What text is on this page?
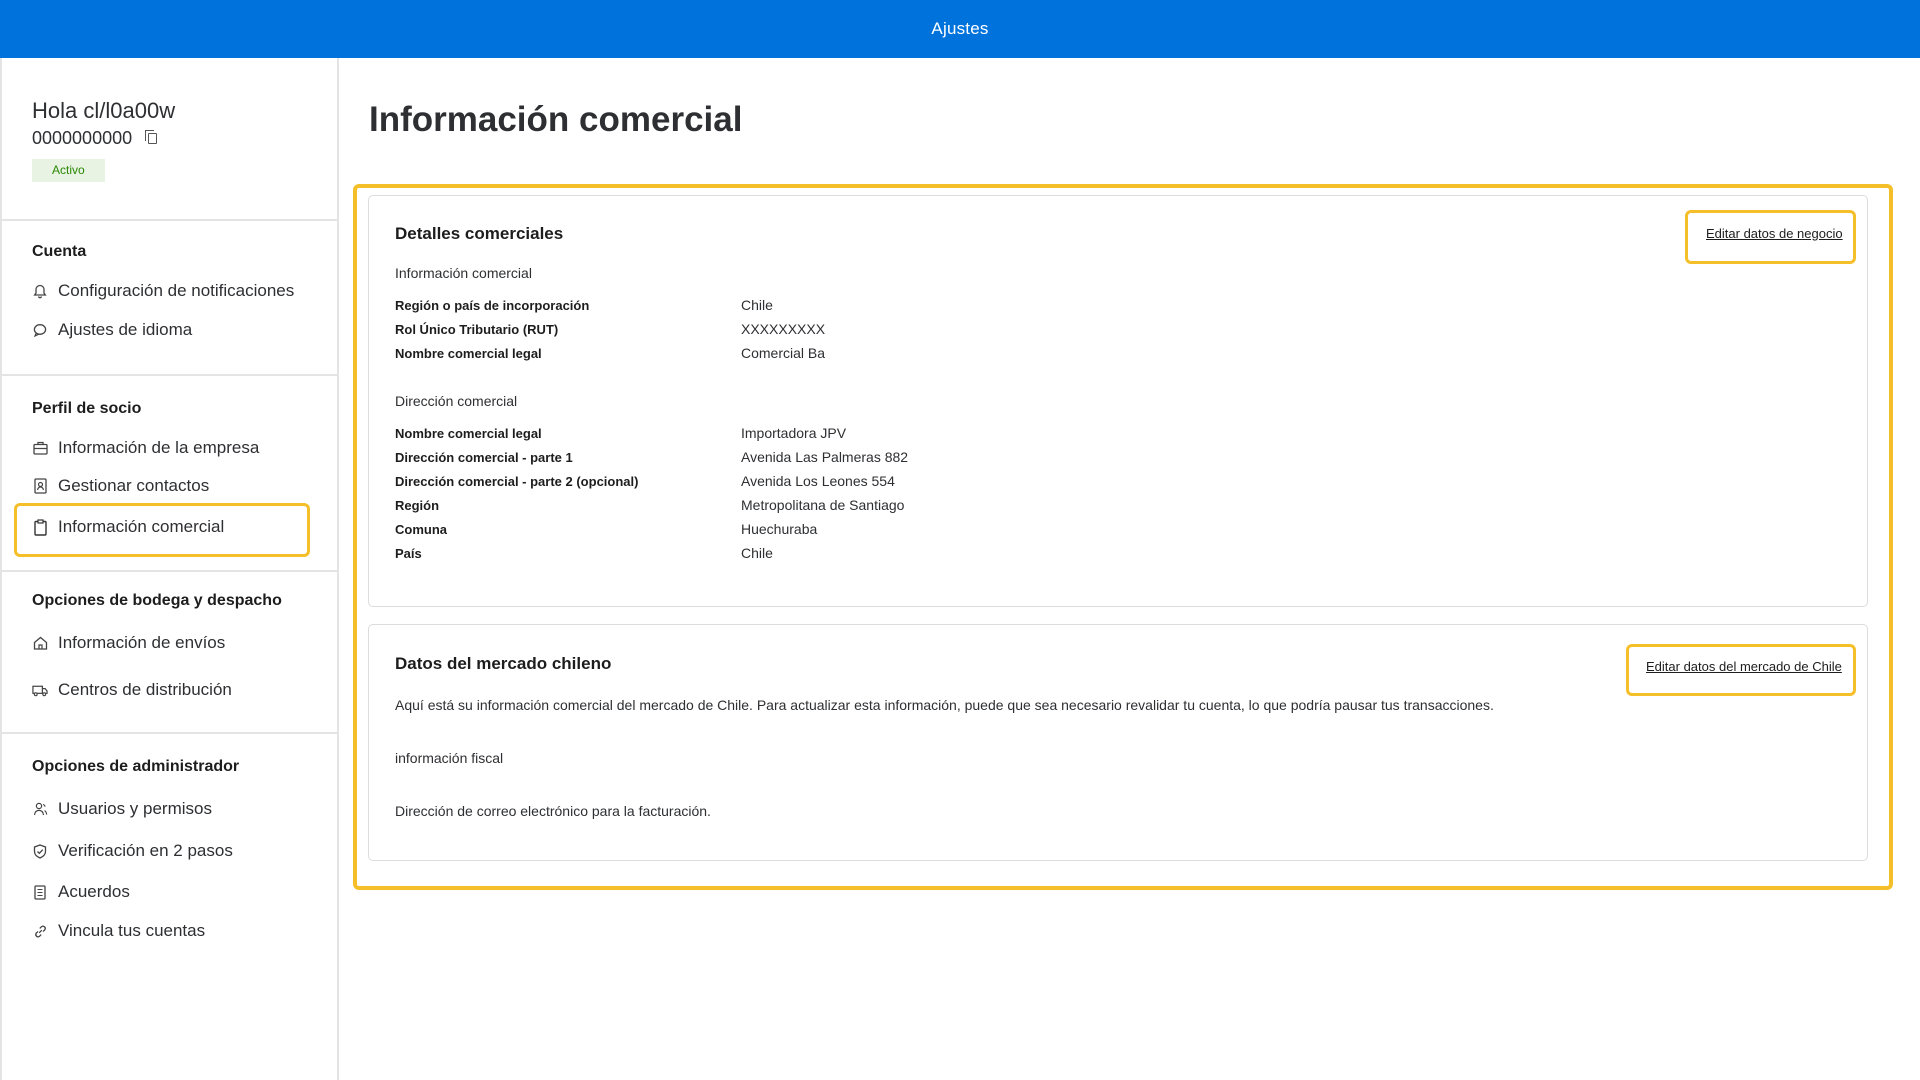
Ajustes
Hola cl/l0a00w
0000000000
Activo
Cuenta
Configuración de notificaciones
Ajustes de idioma
Perfil de socio
Información de la empresa
Gestionar contactos
Información comercial
Opciones de bodega y despacho
Información de envíos
Centros de distribución
Opciones de administrador
Usuarios y permisos
Verificación en 2 pasos
Acuerdos
Vincula tus cuentas
Información comercial
Detalles comerciales	Editar datos de negocio
Información comercial
Región o país de incorporación	Chile
Rol Único Tributario (RUT)	XXXXXXXXX
Nombre comercial legal	Comercial Ba
Dirección comercial
Nombre comercial legal	Importadora JPV
Dirección comercial - parte 1	Avenida Las Palmeras 882
Dirección comercial - parte 2 (opcional)	Avenida Los Leones 554
Región	Metropolitana de Santiago
Comuna	Huechuraba
País	Chile
Datos del mercado chileno	Editar datos del mercado de Chile
Aquí está su información comercial del mercado de Chile. Para actualizar esta información, puede que sea necesario revalidar tu cuenta, lo que podría pausar tus transacciones.
información fiscal
Dirección de correo electrónico para la facturación.
